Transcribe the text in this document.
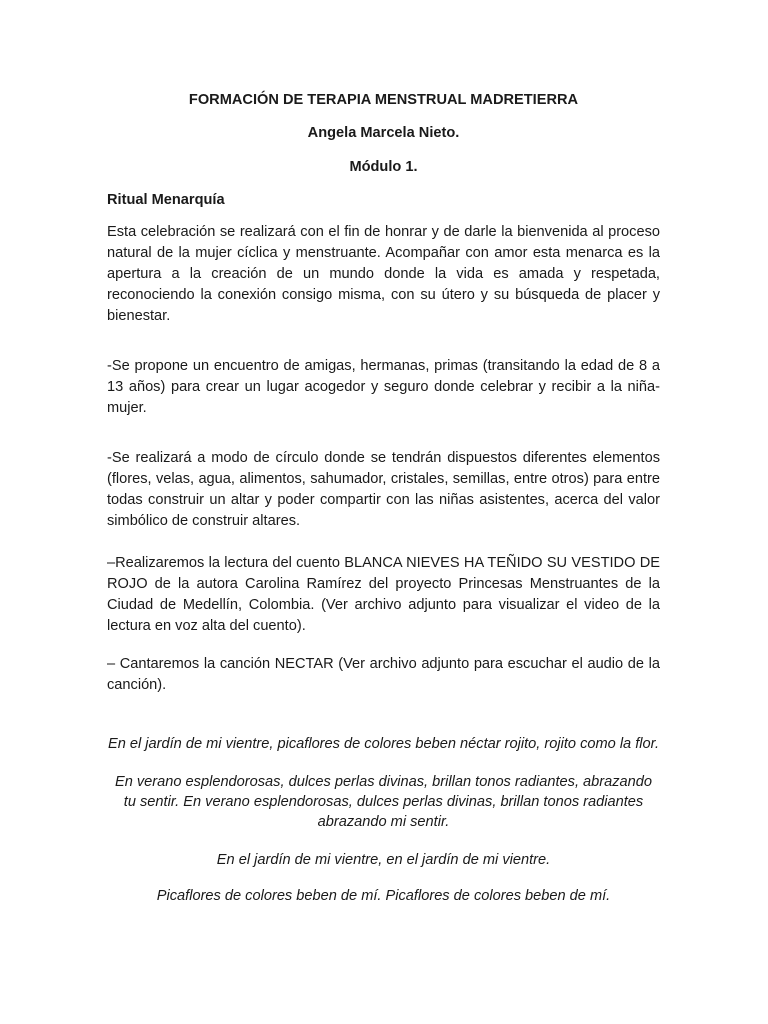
FORMACIÓN DE TERAPIA MENSTRUAL MADRETIERRA
Angela Marcela Nieto.
Módulo 1.
Ritual Menarquía
Esta celebración se realizará con el fin de honrar y de darle la bienvenida al proceso natural de la mujer cíclica y menstruante. Acompañar con amor esta menarca es la apertura a la creación de un mundo donde la vida es amada y respetada, reconociendo la conexión consigo misma, con su útero y su búsqueda de placer y bienestar.
-Se propone un encuentro de amigas, hermanas, primas (transitando la edad de 8 a 13 años) para crear un lugar acogedor y seguro donde celebrar y recibir a la niña-mujer.
-Se realizará a modo de círculo donde se tendrán dispuestos diferentes elementos (flores, velas, agua, alimentos, sahumador, cristales, semillas, entre otros) para entre todas construir un altar y poder compartir con las niñas asistentes, acerca del valor simbólico de construir altares.
–Realizaremos la lectura del cuento BLANCA NIEVES HA TEÑIDO SU VESTIDO DE ROJO de la autora Carolina Ramírez del proyecto Princesas Menstruantes de la Ciudad de Medellín, Colombia. (Ver archivo adjunto para visualizar el video de la lectura en voz alta del cuento).
– Cantaremos la canción NECTAR (Ver archivo adjunto para escuchar el audio de la canción).
En el jardín de mi vientre, picaflores de colores beben néctar rojito, rojito como la flor.
En verano esplendorosas, dulces perlas divinas, brillan tonos radiantes, abrazando tu sentir. En verano esplendorosas, dulces perlas divinas, brillan tonos radiantes abrazando mi sentir.
En el jardín de mi vientre, en el jardín de mi vientre.
Picaflores de colores beben de mí. Picaflores de colores beben de mí.
